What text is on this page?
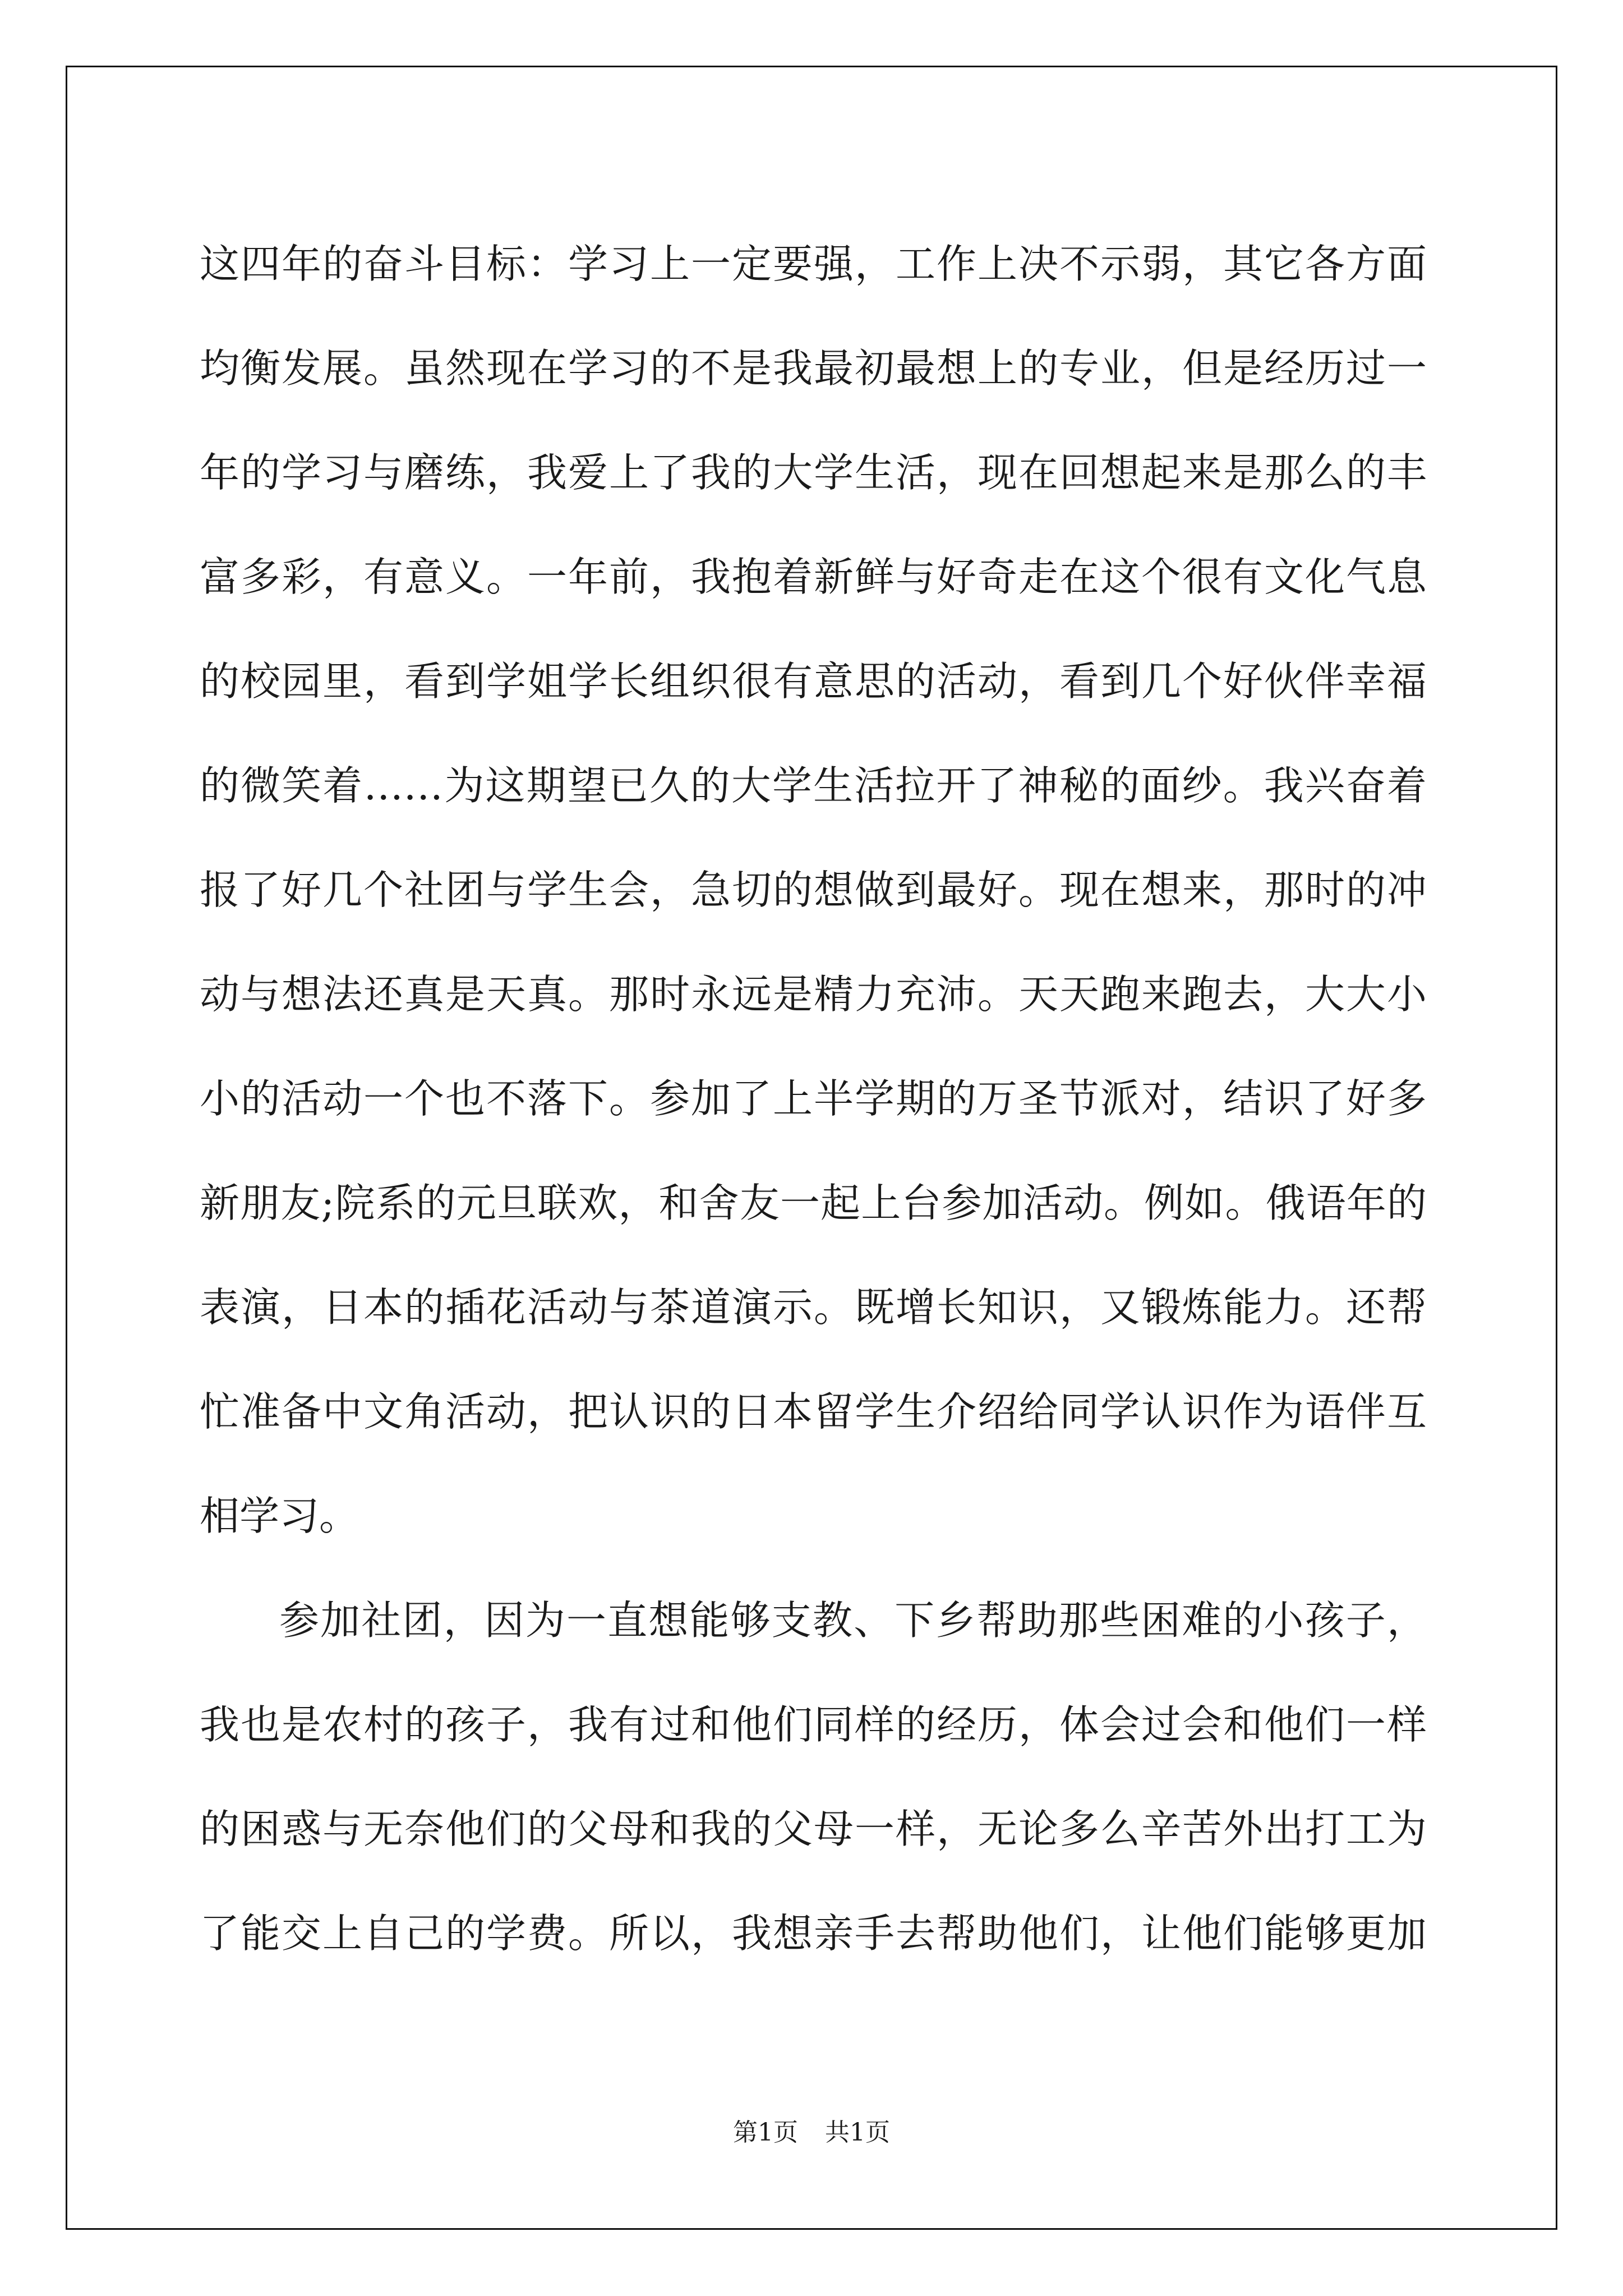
这四年的奋斗目标：学习上一定要强，工作上决不示弱，其它各方面
均衡发展。虽然现在学习的不是我最初最想上的专业，但是经历过一
年的学习与磨练，我爱上了我的大学生活，现在回想起来是那么的丰
富多彩，有意义。一年前，我抱着新鲜与好奇走在这个很有文化气息
的校园里，看到学姐学长组织很有意思的活动，看到几个好伙伴幸福
的微笑着……为这期望已久的大学生活拉开了神秘的面纱。我兴奋着
报了好几个社团与学生会，急切的想做到最好。现在想来，那时的冲
动与想法还真是天真。那时永远是精力充沛。天天跑来跑去，大大小
小的活动一个也不落下。参加了上半学期的万圣节派对，结识了好多
新朋友;院系的元旦联欢，和舍友一起上台参加活动。例如。俄语年的
表演，日本的插花活动与茶道演示。既增长知识，又锻炼能力。还帮
忙准备中文角活动，把认识的日本留学生介绍给同学认识作为语伴互
相学习。
参加社团，因为一直想能够支教、下乡帮助那些困难的小孩子，
我也是农村的孩子，我有过和他们同样的经历，体会过会和他们一样
的困惑与无奈他们的父母和我的父母一样，无论多么辛苦外出打工为
了能交上自己的学费。所以，我想亲手去帮助他们，让他们能够更加
第1页 共1页
